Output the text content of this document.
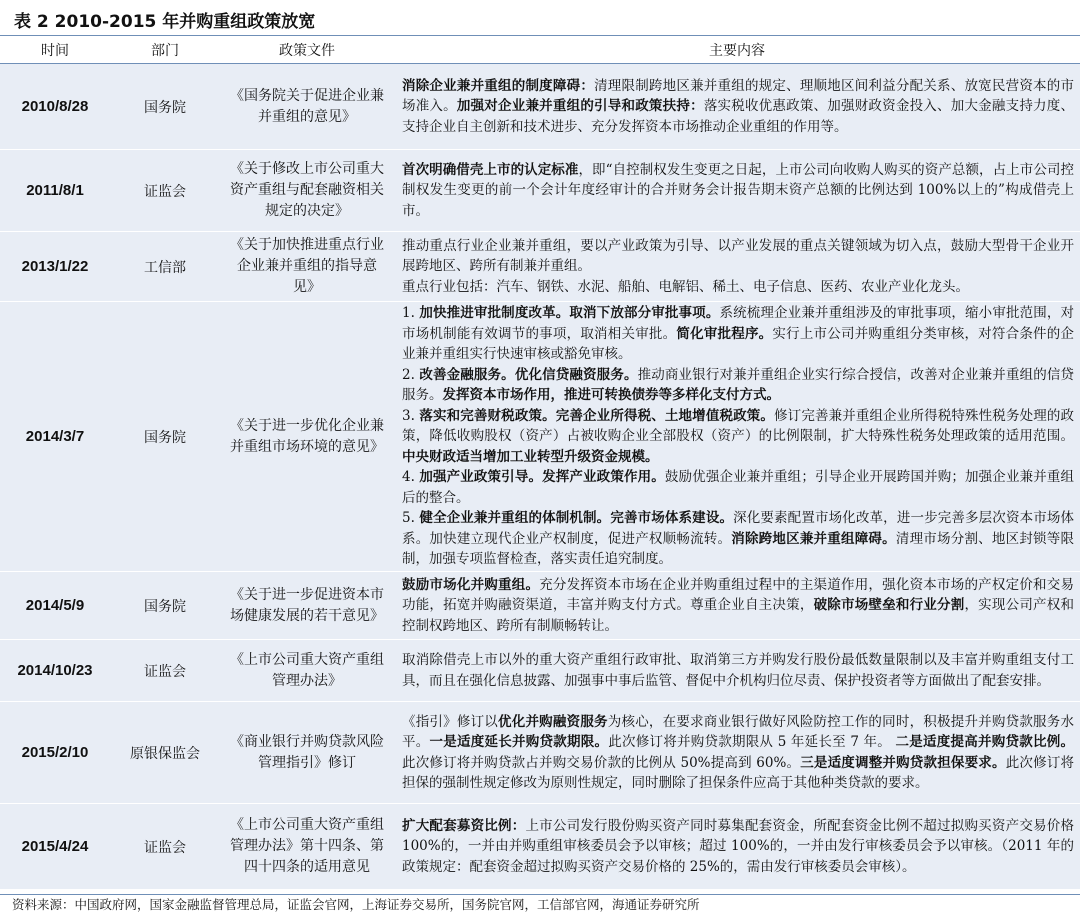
表 2 2010-2015 年并购重组政策放宽
时间	部门	政策文件	主要内容
2010/8/28	国务院	《国务院关于促进企业兼并重组的意见》	消除企业兼并重组的制度障碍：清理限制跨地区兼并重组的规定、理顺地区间利益分配关系、放宽民营资本的市场准入。加强对企业兼并重组的引导和政策扶持：落实税收优惠政策、加强财政资金投入、加大金融支持力度、支持企业自主创新和技术进步、充分发挥资本市场推动企业重组的作用等。
2011/8/1	证监会	《关于修改上市公司重大资产重组与配套融资相关规定的决定》	首次明确借壳上市的认定标准，即“自控制权发生变更之日起，上市公司向收购人购买的资产总额，占上市公司控制权发生变更的前一个会计年度经审计的合并财务会计报告期末资产总额的比例达到 100%以上的”构成借壳上市。
2013/1/22	工信部	《关于加快推进重点行业企业兼并重组的指导意见》	推动重点行业企业兼并重组，要以产业政策为引导、以产业发展的重点关键领域为切入点，鼓励大型骨干企业开展跨地区、跨所有制兼并重组。
重点行业包括：汽车、钢铁、水泥、船舶、电解铝、稀土、电子信息、医药、农业产业化龙头。
2014/3/7	国务院	《关于进一步优化企业兼并重组市场环境的意见》	1. 加快推进审批制度改革。取消下放部分审批事项。系统梳理企业兼并重组涉及的审批事项，缩小审批范围，对市场机制能有效调节的事项，取消相关审批。简化审批程序。实行上市公司并购重组分类审核，对符合条件的企业兼并重组实行快速审核或豁免审核。
2. 改善金融服务。优化信贷融资服务。推动商业银行对兼并重组企业实行综合授信，改善对企业兼并重组的信贷服务。发挥资本市场作用，推进可转换债券等多样化支付方式。
3. 落实和完善财税政策。完善企业所得税、土地增值税政策。修订完善兼并重组企业所得税特殊性税务处理的政策，降低收购股权（资产）占被收购企业全部股权（资产）的比例限制，扩大特殊性税务处理政策的适用范围。中央财政适当增加工业转型升级资金规模。
4. 加强产业政策引导。发挥产业政策作用。鼓励优强企业兼并重组；引导企业开展跨国并购；加强企业兼并重组后的整合。
5. 健全企业兼并重组的体制机制。完善市场体系建设。深化要素配置市场化改革，进一步完善多层次资本市场体系。加快建立现代企业产权制度，促进产权顺畅流转。消除跨地区兼并重组障碍。清理市场分割、地区封锁等限制，加强专项监督检查，落实责任追究制度。
2014/5/9	国务院	《关于进一步促进资本市场健康发展的若干意见》	鼓励市场化并购重组。充分发挥资本市场在企业并购重组过程中的主渠道作用，强化资本市场的产权定价和交易功能，拓宽并购融资渠道，丰富并购支付方式。尊重企业自主决策，破除市场壁垒和行业分割，实现公司产权和控制权跨地区、跨所有制顺畅转让。
2014/10/23	证监会	《上市公司重大资产重组管理办法》	取消除借壳上市以外的重大资产重组行政审批、取消第三方并购发行股份最低数量限制以及丰富并购重组支付工具，而且在强化信息披露、加强事中事后监管、督促中介机构归位尽责、保护投资者等方面做出了配套安排。
2015/2/10	原银保监会	《商业银行并购贷款风险管理指引》修订	《指引》修订以优化并购融资服务为核心，在要求商业银行做好风险防控工作的同时，积极提升并购贷款服务水平。一是适度延长并购贷款期限。此次修订将并购贷款期限从 5 年延长至 7 年。 二是适度提高并购贷款比例。此次修订将并购贷款占并购交易价款的比例从 50%提高到 60%。三是适度调整并购贷款担保要求。此次修订将担保的强制性规定修改为原则性规定，同时删除了担保条件应高于其他种类贷款的要求。
2015/4/24	证监会	《上市公司重大资产重组管理办法》第十四条、第四十四条的适用意见	扩大配套募资比例：上市公司发行股份购买资产同时募集配套资金，所配套资金比例不超过拟购买资产交易价格 100%的，一并由并购重组审核委员会予以审核；超过 100%的，一并由发行审核委员会予以审核。（2011 年的政策规定：配套资金超过拟购买资产交易价格的 25%的，需由发行审核委员会审核）。
资料来源：中国政府网，国家金融监督管理总局，证监会官网，上海证券交易所，国务院官网，工信部官网，海通证券研究所
